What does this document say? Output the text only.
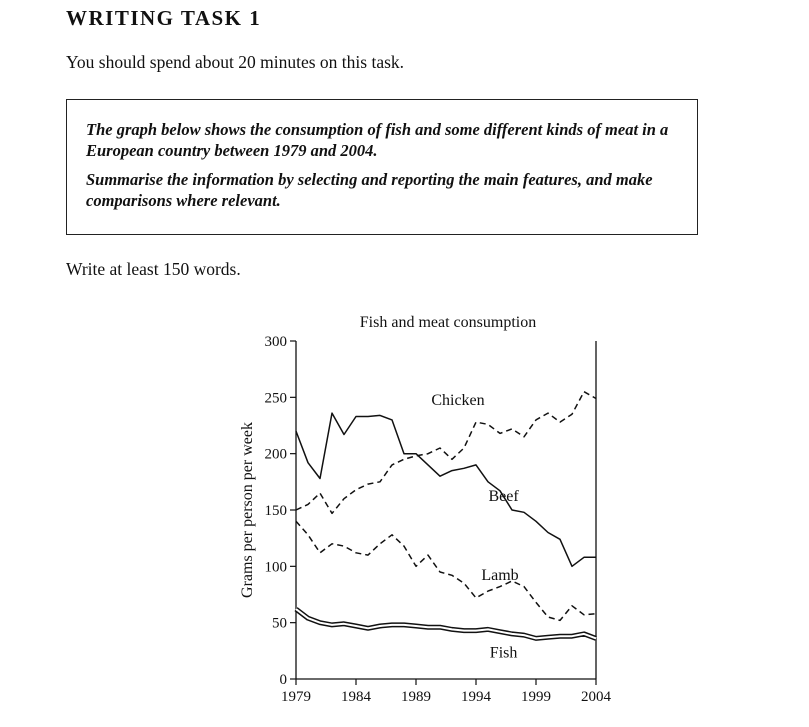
WRITING TASK 1
You should spend about 20 minutes on this task.

The graph below shows the consumption of fish and some different kinds of meat in a European country between 1979 and 2004.

Summarise the information by selecting and reporting the main features, and make comparisons where relevant.

Write at least 150 words.
Fish and meat consumption
Grams per person per week
0
50
100
150
200
250
300
1979 1984 1989 1994 1999 2004
Chicken
Beef
Lamb
Fish
